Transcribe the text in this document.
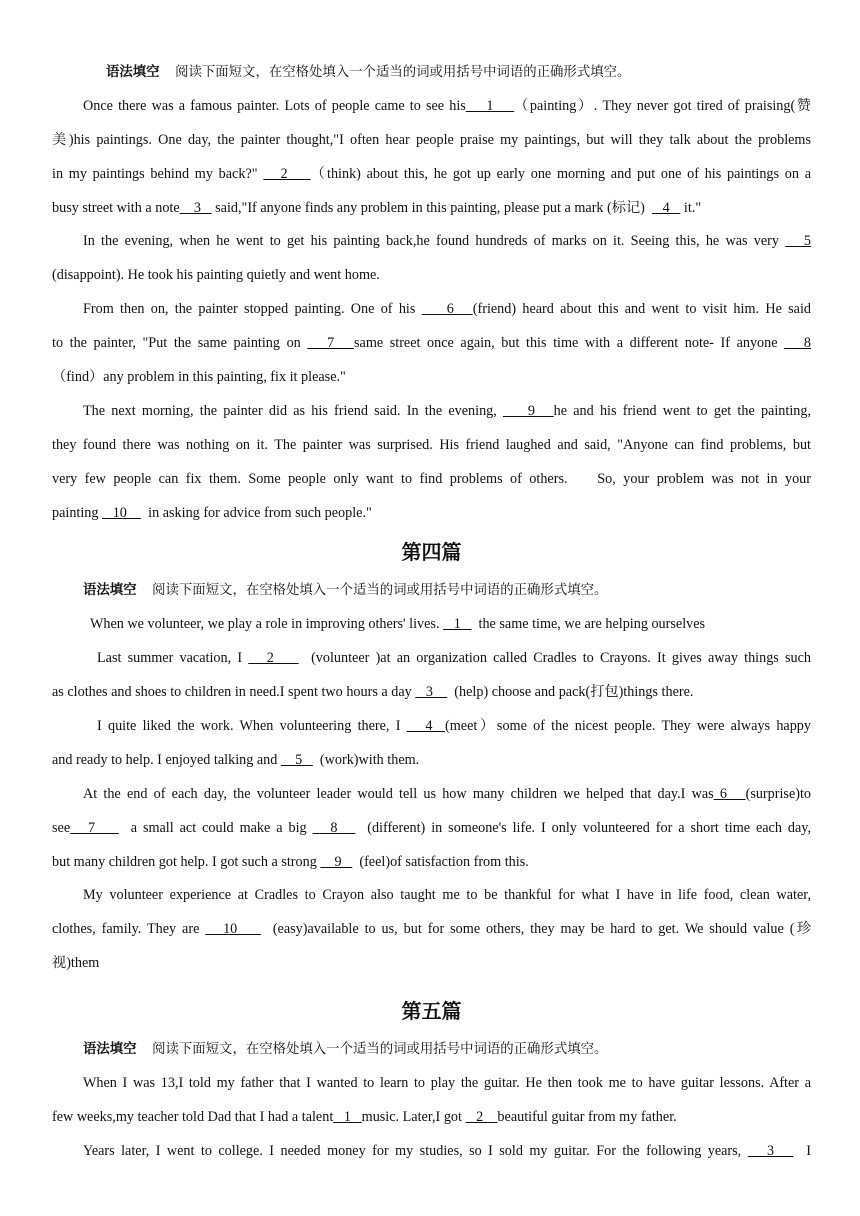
语法填空 阅读下面短文，在空格处填入一个适当的词或用括号中词语的正确形式填空。
Once there was a famous painter. Lots of people came to see his    1    （painting）. They never got tired of praising(赞
美)his paintings. One day, the painter thought,"I often hear people praise my paintings, but will they talk about the problems
in my paintings behind my back?"    2    （think) about this, he got up early one morning and put one of his paintings on a
busy street with a note    3    said,"If anyone finds any problem in this painting, please put a mark (标记)     4    it."
In the evening, when he went to get his painting back,he found hundreds of marks on it. Seeing this, he was very    5
(disappoint). He took his painting quietly and went home.
From then on, the painter stopped painting. One of his     6   (friend) heard about this and went to visit him. He said
to the painter, "Put the same painting on    7   same street once again, but this time with a different note- If anyone    8
（find）any problem in this painting, fix it please."
The next morning, the painter did as his friend said. In the evening,     9   he and his friend went to get the painting,
they found there was nothing on it. The painter was surprised. His friend laughed and said, "Anyone can find problems, but
very few people can fix them. Some people only want to find problems of others.    So, your problem was not in your
painting    10      in asking for advice from such people."
第四篇
语法填空 阅读下面短文，在空格处填入一个适当的词或用括号中词语的正确形式填空。
When we volunteer, we play a role in improving others' lives.    1     the same time, we are helping ourselves
Last summer vacation, I    2      (volunteer )at an organization called Cradles to Crayons. It gives away things such
as clothes and shoes to children in need.I spent two hours a day    3      (help) choose and pack(打包)things there.
I quite liked the work. When volunteering there, I    4  (meet）some of the nicest people. They were always happy
and ready to help. I enjoyed talking and     5     (work)with them.
At the end of each day, the volunteer leader would tell us how many children we helped that day.I was 6   (surprise)to
see   7      a small act could make a big    8     (different) in someone's life. I only volunteered for a short time each day,
but many children got help. I got such a strong     9     (feel)of satisfaction from this.
My volunteer experience at Cradles to Crayon also taught me to be thankful for what I have in life food, clean water,
clothes, family. They are    10      (easy)available to us, but for some others, they may be hard to get. We should value (珍
视)them
第五篇
语法填空 阅读下面短文，在空格处填入一个适当的词或用括号中词语的正确形式填空。
When I was 13,I told my father that I wanted to learn to play the guitar. He then took me to have guitar lessons. After a
few weeks,my teacher told Dad that I had a talent   1   music. Later,I got    2    beautiful guitar from my father.
Years later, I went to college. I needed money for my studies, so I sold my guitar. For the following years,    3     I
